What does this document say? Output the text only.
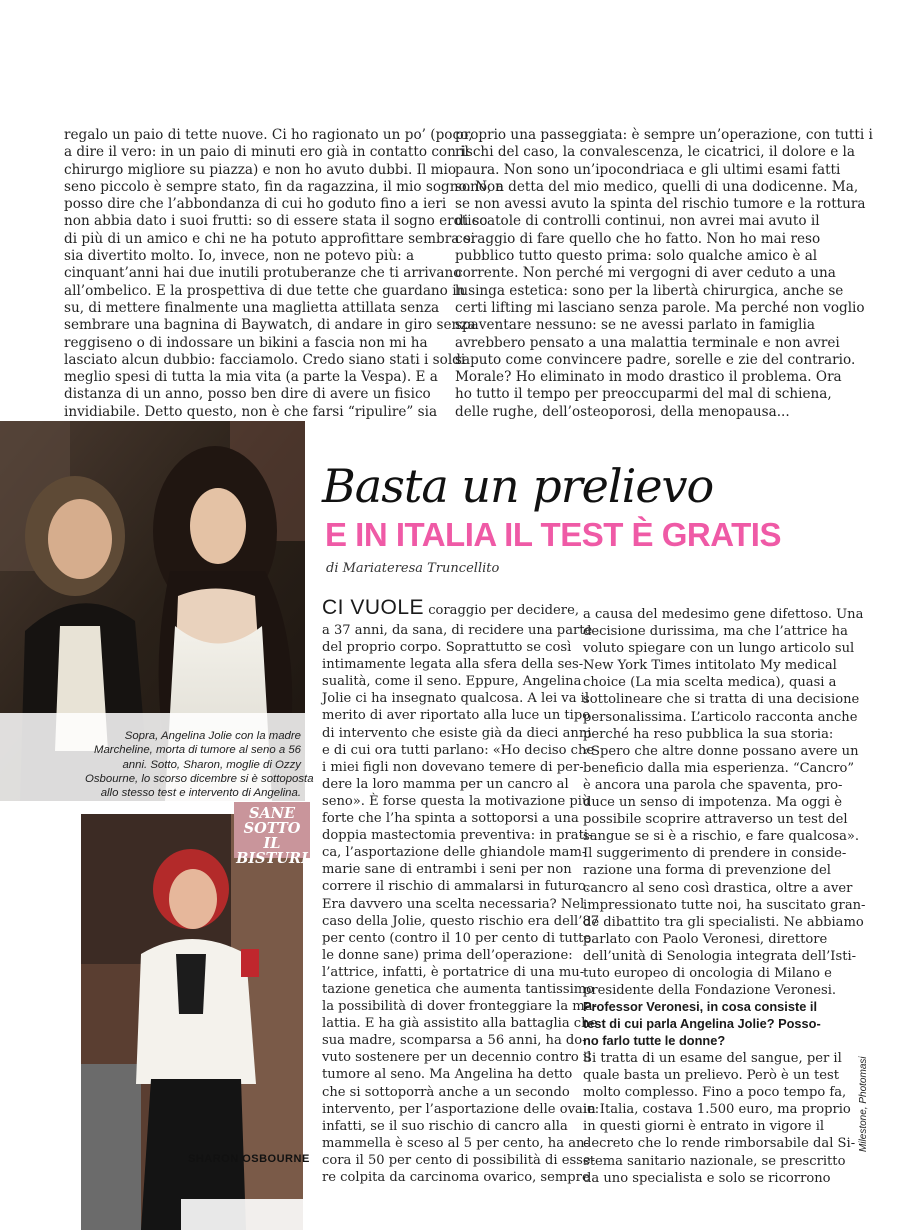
regalo un paio di tette nuove. Ci ho ragionato un po’ (poco,
a dire il vero: in un paio di minuti ero già in contatto con il
chirurgo migliore su piazza) e non ho avuto dubbi. Il mio
seno piccolo è sempre stato, fin da ragazzina, il mio sogno. Non
posso dire che l’abbondanza di cui ho goduto fino a ieri
non abbia dato i suoi frutti: so di essere stata il sogno erotico
di più di un amico e chi ne ha potuto approfittare sembra si
sia divertito molto. Io, invece, non ne potevo più: a
cinquant’anni hai due inutili protuberanze che ti arrivano
all’ombelico. E la prospettiva di due tette che guardano in
su, di mettere finalmente una maglietta attillata senza
sembrare una bagnina di Baywatch, di andare in giro senza
reggiseno o di indossare un bikini a fascia non mi ha
lasciato alcun dubbio: facciamolo. Credo siano stati i soldi
meglio spesi di tutta la mia vita (a parte la Vespa). E a
distanza di un anno, posso ben dire di avere un fisico
invidiabile. Detto questo, non è che farsi “ripulire” sia
proprio una passeggiata: è sempre un’operazione, con tutti i
rischi del caso, la convalescenza, le cicatrici, il dolore e la
paura. Non sono un’ipocondriaca e gli ultimi esami fatti
sono, a detta del mio medico, quelli di una dodicenne. Ma,
se non avessi avuto la spinta del rischio tumore e la rottura
di scatole di controlli continui, non avrei mai avuto il
coraggio di fare quello che ho fatto. Non ho mai reso
pubblico tutto questo prima: solo qualche amico è al
corrente. Non perché mi vergogni di aver ceduto a una
lusinga estetica: sono per la libertà chirurgica, anche se
certi lifting mi lasciano senza parole. Ma perché non voglio
spaventare nessuno: se ne avessi parlato in famiglia
avrebbero pensato a una malattia terminale e non avrei
saputo come convincere padre, sorelle e zie del contrario.
Morale? Ho eliminato in modo drastico il problema. Ora
ho tutto il tempo per preoccuparmi del mal di schiena,
delle rughe, dell’osteoporosi, della menopausa...
Sopra, Angelina Jolie con la madre
Marcheline, morta di tumore al seno a 56
anni. Sotto, Sharon, moglie di Ozzy
Osbourne, lo scorso dicembre si è sottoposta
allo stesso test e intervento di Angelina.
SHARON OSBOURNE
SANE
SOTTO IL
BISTURI
Basta un prelievo
E IN ITALIA IL TEST È GRATIS
di Mariateresa Truncellito
CI VUOLE coraggio per decidere,
a 37 anni, da sana, di recidere una parte
del proprio corpo. Soprattutto se così
intimamente legata alla sfera della ses-
sualità, come il seno. Eppure, Angelina
Jolie ci ha insegnato qualcosa. A lei va il
merito di aver riportato alla luce un tipo
di intervento che esiste già da dieci anni
e di cui ora tutti parlano: «Ho deciso che
i miei figli non dovevano temere di per-
dere la loro mamma per un cancro al
seno». È forse questa la motivazione più
forte che l’ha spinta a sottoporsi a una
doppia mastectomia preventiva: in prati-
ca, l’asportazione delle ghiandole mam-
marie sane di entrambi i seni per non
correre il rischio di ammalarsi in futuro.
Era davvero una scelta necessaria? Nel
caso della Jolie, questo rischio era dell’87
per cento (contro il 10 per cento di tutte
le donne sane) prima dell’operazione:
l’attrice, infatti, è portatrice di una mu-
tazione genetica che aumenta tantissimo
la possibilità di dover fronteggiare la ma-
lattia. E ha già assistito alla battaglia che
sua madre, scomparsa a 56 anni, ha do-
vuto sostenere per un decennio contro il
tumore al seno. Ma Angelina ha detto
che si sottoporrà anche a un secondo
intervento, per l’asportazione delle ovaie:
infatti, se il suo rischio di cancro alla
mammella è sceso al 5 per cento, ha an-
cora il 50 per cento di possibilità di esse-
re colpita da carcinoma ovarico, sempre
a causa del medesimo gene difettoso. Una
decisione durissima, ma che l’attrice ha
voluto spiegare con un lungo articolo sul
New York Times intitolato My medical
choice (La mia scelta medica), quasi a
sottolineare che si tratta di una decisione
personalissima. L’articolo racconta anche
perché ha reso pubblica la sua storia:
«Spero che altre donne possano avere un
beneficio dalla mia esperienza. “Cancro”
è ancora una parola che spaventa, pro-
duce un senso di impotenza. Ma oggi è
possibile scoprire attraverso un test del
sangue se si è a rischio, e fare qualcosa».
Il suggerimento di prendere in conside-
razione una forma di prevenzione del
cancro al seno così drastica, oltre a aver
impressionato tutte noi, ha suscitato gran-
de dibattito tra gli specialisti. Ne abbiamo
parlato con Paolo Veronesi, direttore
dell’unità di Senologia integrata dell’Isti-
tuto europeo di oncologia di Milano e
presidente della Fondazione Veronesi.
Professor Veronesi, in cosa consiste il
test di cui parla Angelina Jolie? Posso-
no farlo tutte le donne?
Si tratta di un esame del sangue, per il
quale basta un prelievo. Però è un test
molto complesso. Fino a poco tempo fa,
in Italia, costava 1.500 euro, ma proprio
in questi giorni è entrato in vigore il
decreto che lo rende rimborsabile dal Si-
stema sanitario nazionale, se prescritto
da uno specialista e solo se ricorrono
Milestone, Photomasi
